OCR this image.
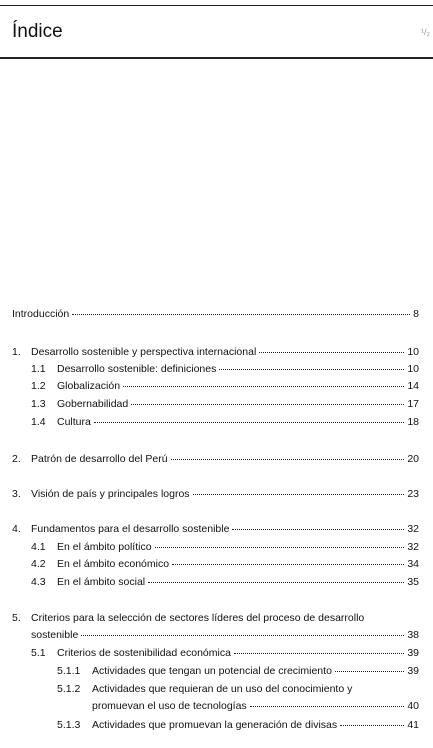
Índice	¹/₂
Introducción	8
1. Desarrollo sostenible y perspectiva internacional	10
1.1	Desarrollo sostenible: definiciones	10
1.2	Globalización	14
1.3	Gobernabilidad	17
1.4	Cultura	18
2. Patrón de desarrollo del Perú	20
3. Visión de país y principales logros	23
4. Fundamentos para el desarrollo sostenible	32
4.1	En el ámbito político	32
4.2	En el ámbito económico	34
4.3	En el ámbito social	35
5. Criterios para la selección de sectores líderes del proceso de desarrollo
sostenible	38
5.1	Criterios de sostenibilidad económica	39
5.1.1	Actividades que tengan un potencial de crecimiento	39
5.1.2 Actividades que requieran de un uso del conocimiento y
promuevan el uso de tecnologías	40
5.1.3	Actividades que promuevan la generación de divisas	41
